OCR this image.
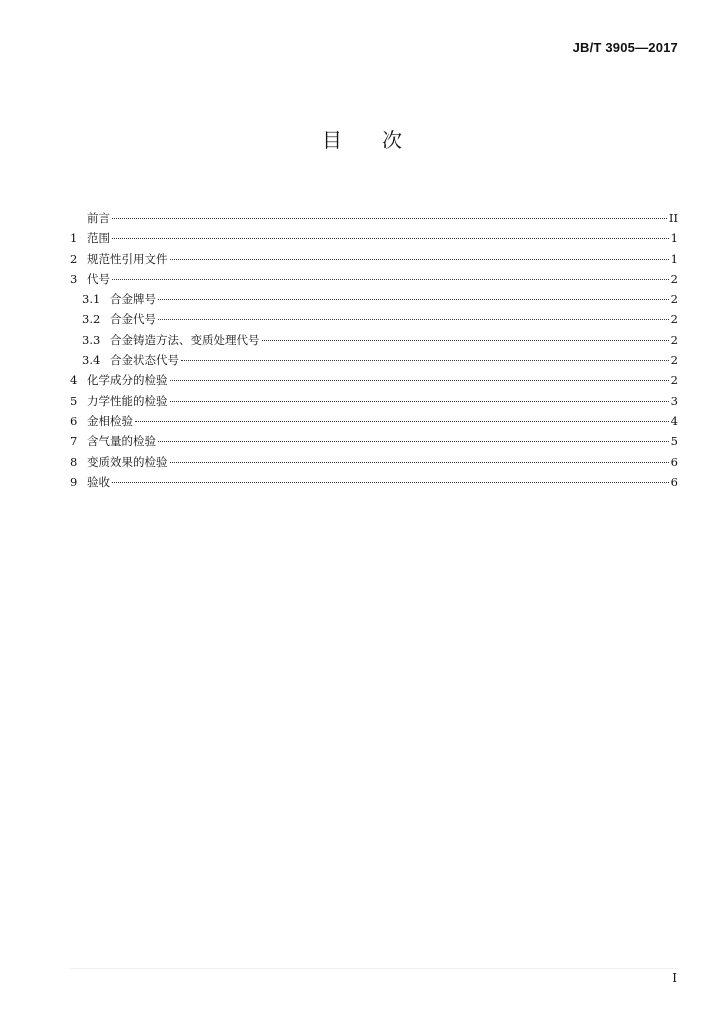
JB/T 3905—2017
目次
前言	II
1 范围	1
2 规范性引用文件	1
3 代号	2
3.1 合金牌号	2
3.2 合金代号	2
3.3 合金铸造方法、变质处理代号	2
3.4 合金状态代号	2
4 化学成分的检验	2
5 力学性能的检验	3
6 金相检验	4
7 含气量的检验	5
8 变质效果的检验	6
9 验收	6
I
